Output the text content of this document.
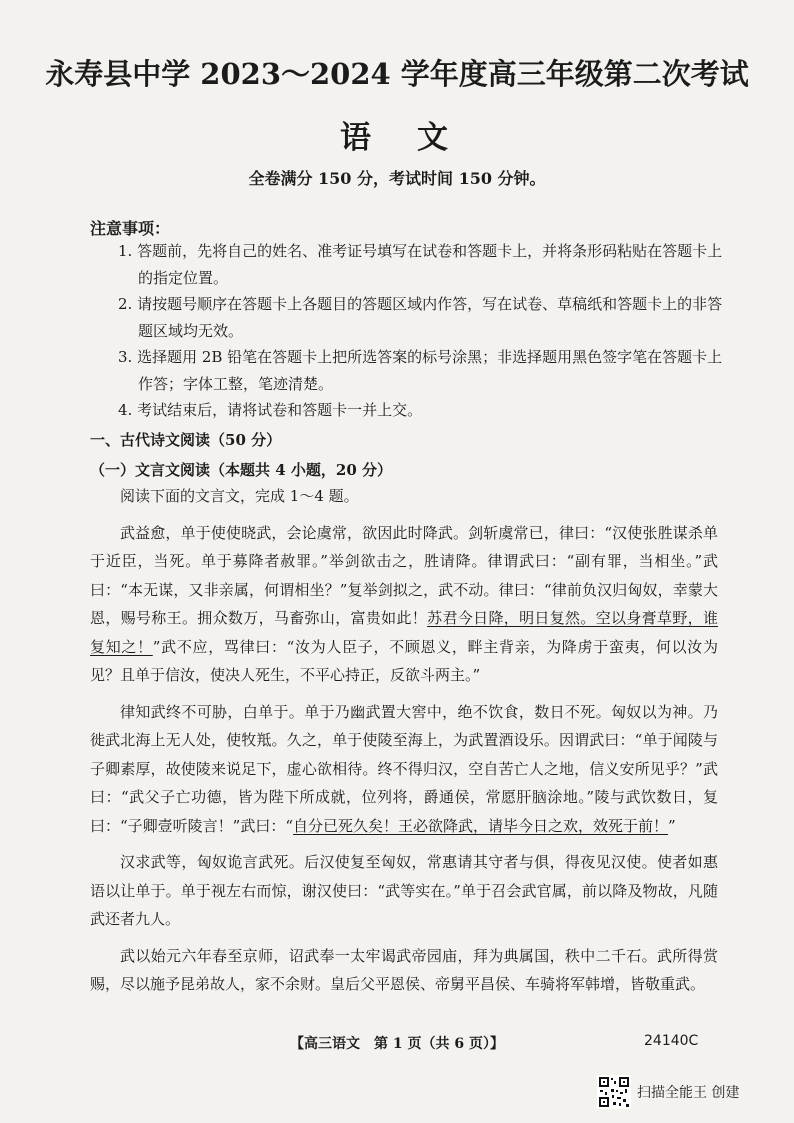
永寿县中学 2023～2024 学年度高三年级第二次考试
语文
全卷满分 150 分，考试时间 150 分钟。
注意事项：
1. 答题前，先将自己的姓名、准考证号填写在试卷和答题卡上，并将条形码粘贴在答题卡上的指定位置。
2. 请按题号顺序在答题卡上各题目的答题区域内作答，写在试卷、草稿纸和答题卡上的非答题区域均无效。
3. 选择题用 2B 铅笔在答题卡上把所选答案的标号涂黑；非选择题用黑色签字笔在答题卡上作答；字体工整，笔迹清楚。
4. 考试结束后，请将试卷和答题卡一并上交。
一、古代诗文阅读（50 分）
（一）文言文阅读（本题共 4 小题，20 分）

阅读下面的文言文，完成 1～4 题。

武益愈，单于使使晓武，会论虞常，欲因此时降武。剑斩虞常已，律曰：“汉使张胜谋杀单于近臣，当死。单于募降者赦罪。”举剑欲击之，胜请降。律谓武曰：“副有罪，当相坐。”武曰：“本无谋，又非亲属，何谓相坐？”复举剑拟之，武不动。律曰：“律前负汉归匈奴，幸蒙大恩，赐号称王。拥众数万，马畜弥山，富贵如此！苏君今日降，明日复然。空以身膏草野，谁复知之！”武不应，骂律曰：“汝为人臣子，不顾恩义，畔主背亲，为降虏于蛮夷，何以汝为见？且单于信汝，使决人死生，不平心持正，反欲斗两主。”

律知武终不可胁，白单于。单于乃幽武置大窖中，绝不饮食，数日不死。匈奴以为神。乃徙武北海上无人处，使牧羝。久之，单于使陵至海上，为武置酒设乐。因谓武曰：“单于闻陵与子卿素厚，故使陵来说足下，虚心欲相待。终不得归汉，空自苦亡人之地，信义安所见乎？”武曰：“武父子亡功德，皆为陛下所成就，位列将，爵通侯，常愿肝脑涂地。”陵与武饮数日，复曰：“子卿壹听陵言！”武曰：“自分已死久矣！王必欲降武，请毕今日之欢，效死于前！”

汉求武等，匈奴诡言武死。后汉使复至匈奴，常惠请其守者与俱，得夜见汉使。使者如惠语以让单于。单于视左右而惊，谢汉使曰：“武等实在。”单于召会武官属，前以降及物故，凡随武还者九人。

武以始元六年春至京师，诏武奉一太牢谒武帝园庙，拜为典属国，秩中二千石。武所得赏赐，尽以施予昆弟故人，家不余财。皇后父平恩侯、帝舅平昌侯、车骑将军韩增，皆敬重武。

【高三语文　第 1 页（共 6 页）】	24140C
扫描全能王 创建
